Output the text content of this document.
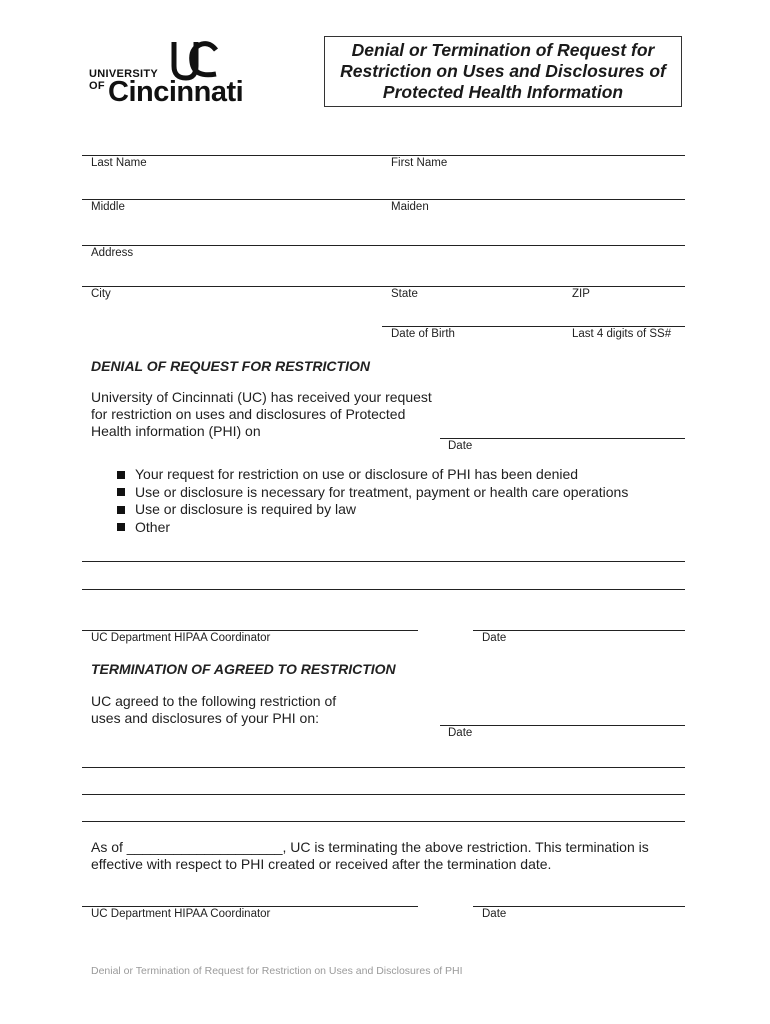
UNIVERSITY OF Cincinnati
Denial or Termination of Request for
Restriction on Uses and Disclosures of
Protected Health Information
Last Name	First Name
Middle	Maiden
Address
City	State	ZIP
Date of Birth	Last 4 digits of SS#
DENIAL OF REQUEST FOR RESTRICTION
University of Cincinnati (UC) has received your request
for restriction on uses and disclosures of Protected
Health information (PHI) on
Date
Your request for restriction on use or disclosure of PHI has been denied
Use or disclosure is necessary for treatment, payment or health care operations
Use or disclosure is required by law
Other
UC Department HIPAA Coordinator	Date
TERMINATION OF AGREED TO RESTRICTION
UC agreed to the following restriction of
uses and disclosures of your PHI on:
Date
As of ____________________, UC is terminating the above restriction. This termination is
effective with respect to PHI created or received after the termination date.
UC Department HIPAA Coordinator	Date
Denial or Termination of Request for Restriction on Uses and Disclosures of PHI
